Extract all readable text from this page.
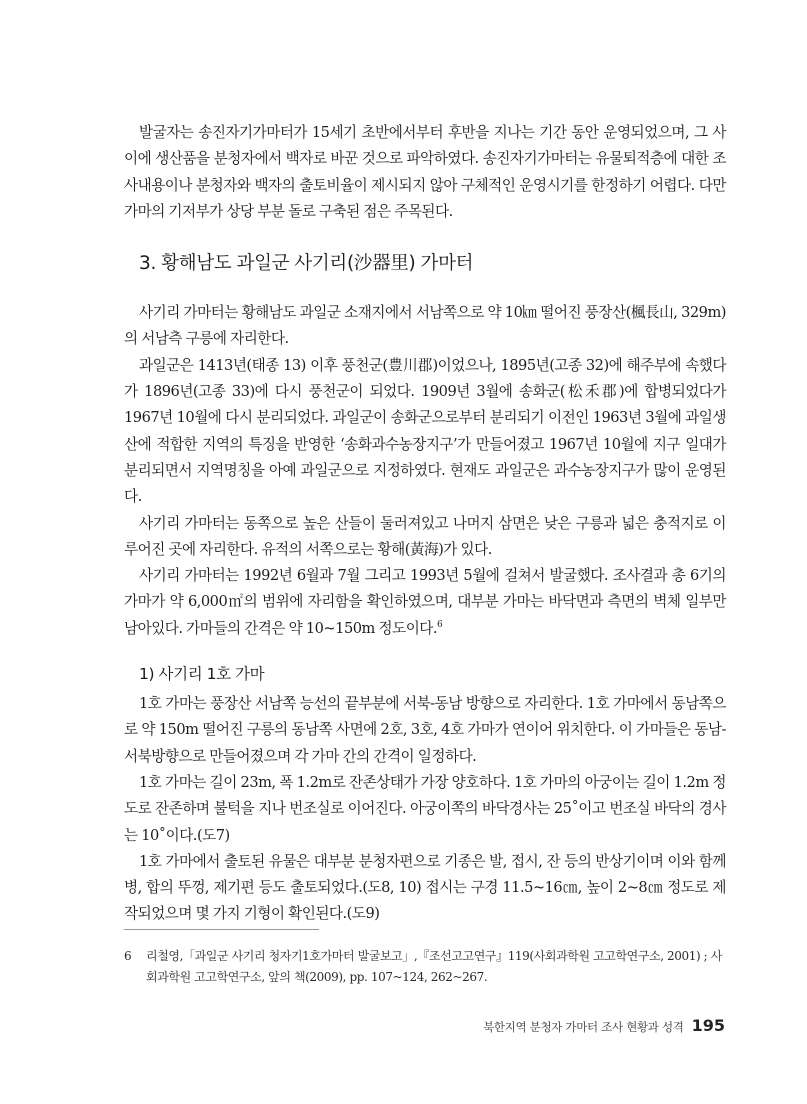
발굴자는 송진자기가마터가 15세기 초반에서부터 후반을 지나는 기간 동안 운영되었으며, 그 사이에 생산품을 분청자에서 백자로 바꾼 것으로 파악하였다. 송진자기가마터는 유물퇴적층에 대한 조사내용이나 분청자와 백자의 출토비율이 제시되지 않아 구체적인 운영시기를 한정하기 어렵다. 다만 가마의 기저부가 상당 부분 돌로 구축된 점은 주목된다.

3. 황해남도 과일군 사기리(沙器里) 가마터

사기리 가마터는 황해남도 과일군 소재지에서 서남쪽으로 약 10㎞ 떨어진 풍장산(楓長山, 329m)의 서남측 구릉에 자리한다.

과일군은 1413년(태종 13) 이후 풍천군(豊川郡)이었으나, 1895년(고종 32)에 해주부에 속했다가 1896년(고종 33)에 다시 풍천군이 되었다. 1909년 3월에 송화군(松禾郡)에 합병되었다가 1967년 10월에 다시 분리되었다. 과일군이 송화군으로부터 분리되기 이전인 1963년 3월에 과일생산에 적합한 지역의 특징을 반영한 ‘송화과수농장지구’가 만들어졌고 1967년 10월에 지구 일대가 분리되면서 지역명칭을 아예 과일군으로 지정하였다. 현재도 과일군은 과수농장지구가 많이 운영된다.

사기리 가마터는 동쪽으로 높은 산들이 둘러져있고 나머지 삼면은 낮은 구릉과 넓은 충적지로 이루어진 곳에 자리한다. 유적의 서쪽으로는 황해(黃海)가 있다.

사기리 가마터는 1992년 6월과 7월 그리고 1993년 5월에 걸쳐서 발굴했다. 조사결과 총 6기의 가마가 약 6,000㎡의 범위에 자리함을 확인하였으며, 대부분 가마는 바닥면과 측면의 벽체 일부만 남아있다. 가마들의 간격은 약 10~150m 정도이다.$^6$

1) 사기리 1호 가마

1호 가마는 풍장산 서남쪽 능선의 끝부분에 서북-동남 방향으로 자리한다. 1호 가마에서 동남쪽으로 약 150m 떨어진 구릉의 동남쪽 사면에 2호, 3호, 4호 가마가 연이어 위치한다. 이 가마들은 동남-서북방향으로 만들어졌으며 각 가마 간의 간격이 일정하다.

1호 가마는 길이 23m, 폭 1.2m로 잔존상태가 가장 양호하다. 1호 가마의 아궁이는 길이 1.2m 정도로 잔존하며 불턱을 지나 번조실로 이어진다. 아궁이쪽의 바닥경사는 25˚이고 번조실 바닥의 경사는 10˚이다.(도7)

1호 가마에서 출토된 유물은 대부분 분청자편으로 기종은 발, 접시, 잔 등의 반상기이며 이와 함께 병, 합의 뚜껑, 제기편 등도 출토되었다.(도8, 10) 접시는 구경 11.5~16㎝, 높이 2~8㎝ 정도로 제작되었으며 몇 가지 기형이 확인된다.(도9)

6	리철영,「과일군 사기리 청자기1호가마터 발굴보고」,『조선고고연구』119(사회과학원 고고학연구소, 2001) ; 사회과학원 고고학연구소, 앞의 책(2009), pp. 107~124, 262~267.
북한지역 분청자 가마터 조사 현황과 성격 195
